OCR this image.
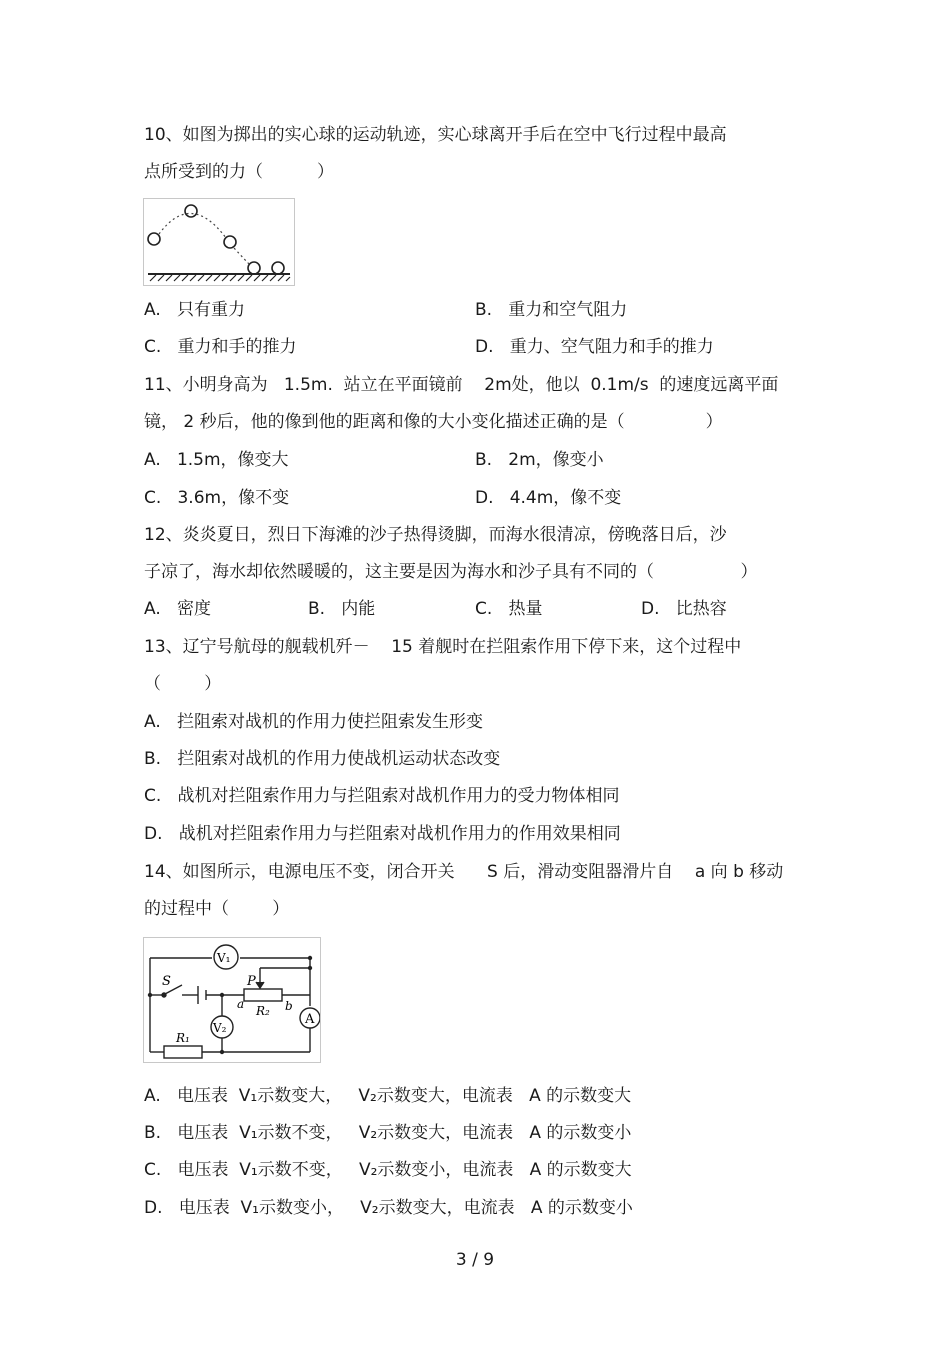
10、如图为掷出的实心球的运动轨迹，实心球离开手后在空中飞行过程中最高
点所受到的力（          ）
A.   只有重力	B.   重力和空气阻力
C.   重力和手的推力	D.   重力、空气阻力和手的推力
11、小明身高为   1.5m.  站立在平面镜前    2m处，他以  0.1m/s  的速度远离平面
镜， 2 秒后，他的像到他的距离和像的大小变化描述正确的是（               ）
A.   1.5m，像变大	B.   2m，像变小
C.   3.6m，像不变	D.   4.4m，像不变
12、炎炎夏日，烈日下海滩的沙子热得烫脚，而海水很清凉，傍晚落日后，沙
子凉了，海水却依然暖暖的，这主要是因为海水和沙子具有不同的（                ）
A.   密度	B.   内能	C.   热量	D.   比热容
13、辽宁号航母的舰载机歼－    15 着舰时在拦阻索作用下停下来，这个过程中
（        ）
A.   拦阻索对战机的作用力使拦阻索发生形变
B.   拦阻索对战机的作用力使战机运动状态改变
C.   战机对拦阻索作用力与拦阻索对战机作用力的受力物体相同
D.   战机对拦阻索作用力与拦阻索对战机作用力的作用效果相同
14、如图所示，电源电压不变，闭合开关      S 后，滑动变阻器滑片自    a 向 b 移动
的过程中（        ）
V₁
V₂
A
S	P
R₂
R₁
a	b
A.   电压表  V₁示数变大，   V₂示数变大，电流表   A 的示数变大
B.   电压表  V₁示数不变，   V₂示数变大，电流表   A 的示数变小
C.   电压表  V₁示数不变，   V₂示数变小，电流表   A 的示数变大
D.   电压表  V₁示数变小，   V₂示数变大，电流表   A 的示数变小
3 / 9
